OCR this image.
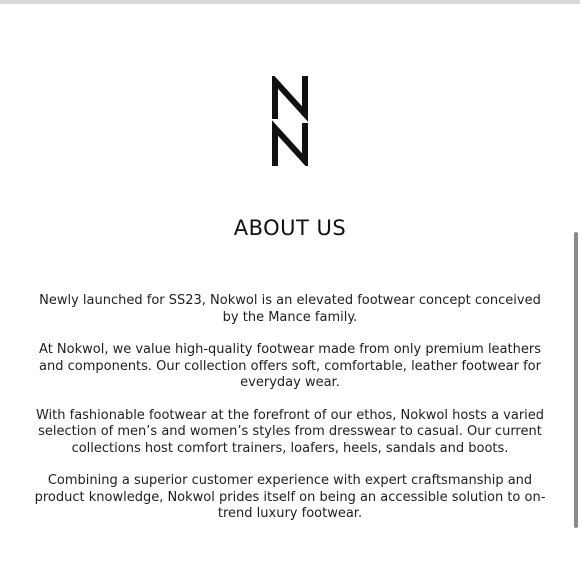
ABOUT US

Newly launched for SS23, Nokwol is an elevated footwear concept conceived by the Mance family.

At Nokwol, we value high-quality footwear made from only premium leathers and components. Our collection offers soft, comfortable, leather footwear for everyday wear.

With fashionable footwear at the forefront of our ethos, Nokwol hosts a varied selection of men’s and women’s styles from dresswear to casual. Our current collections host comfort trainers, loafers, heels, sandals and boots.

Combining a superior customer experience with expert craftsmanship and product knowledge, Nokwol prides itself on being an accessible solution to on-trend luxury footwear.
